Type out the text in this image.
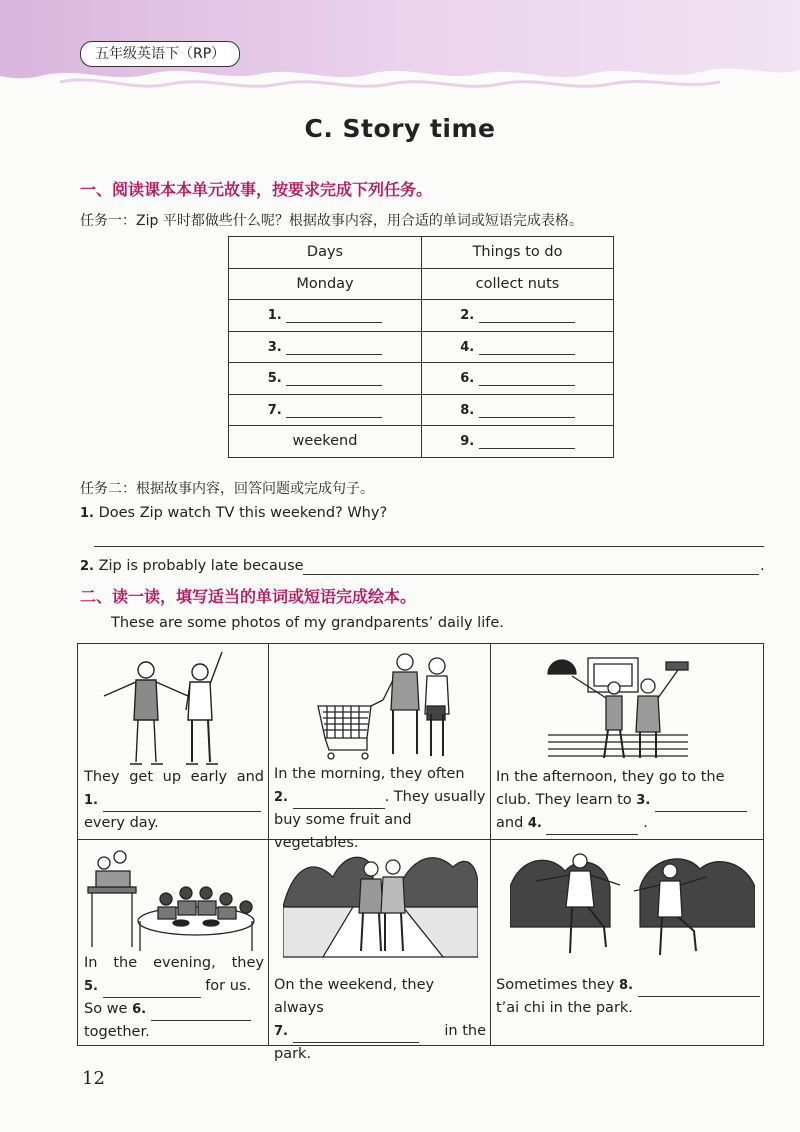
五年级英语下（RP）
C. Story time
一、阅读课本本单元故事，按要求完成下列任务。
任务一：Zip 平时都做些什么呢？根据故事内容，用合适的单词或短语完成表格。
Days	Things to do
Monday	collect nuts
1.	2.
3.	4.
5.	6.
7.	8.
weekend	9.
任务二：根据故事内容，回答问题或完成句子。
1. Does Zip watch TV this weekend? Why?
2. Zip is probably late because	.
二、读一读，填写适当的单词或短语完成绘本。
These are some photos of my grandparents’ daily life.
They get up early and
1.
every day.
In the morning, they often
2.	. They usually
buy some fruit and vegetables.
In the afternoon, they go to the
club. They learn to 3.
and 4.	.
In the evening, they
5.	for us.
So we 6.
together.
On the weekend, they always
7.	in the
park.
Sometimes they 8.
t’ai chi in the park.
12
